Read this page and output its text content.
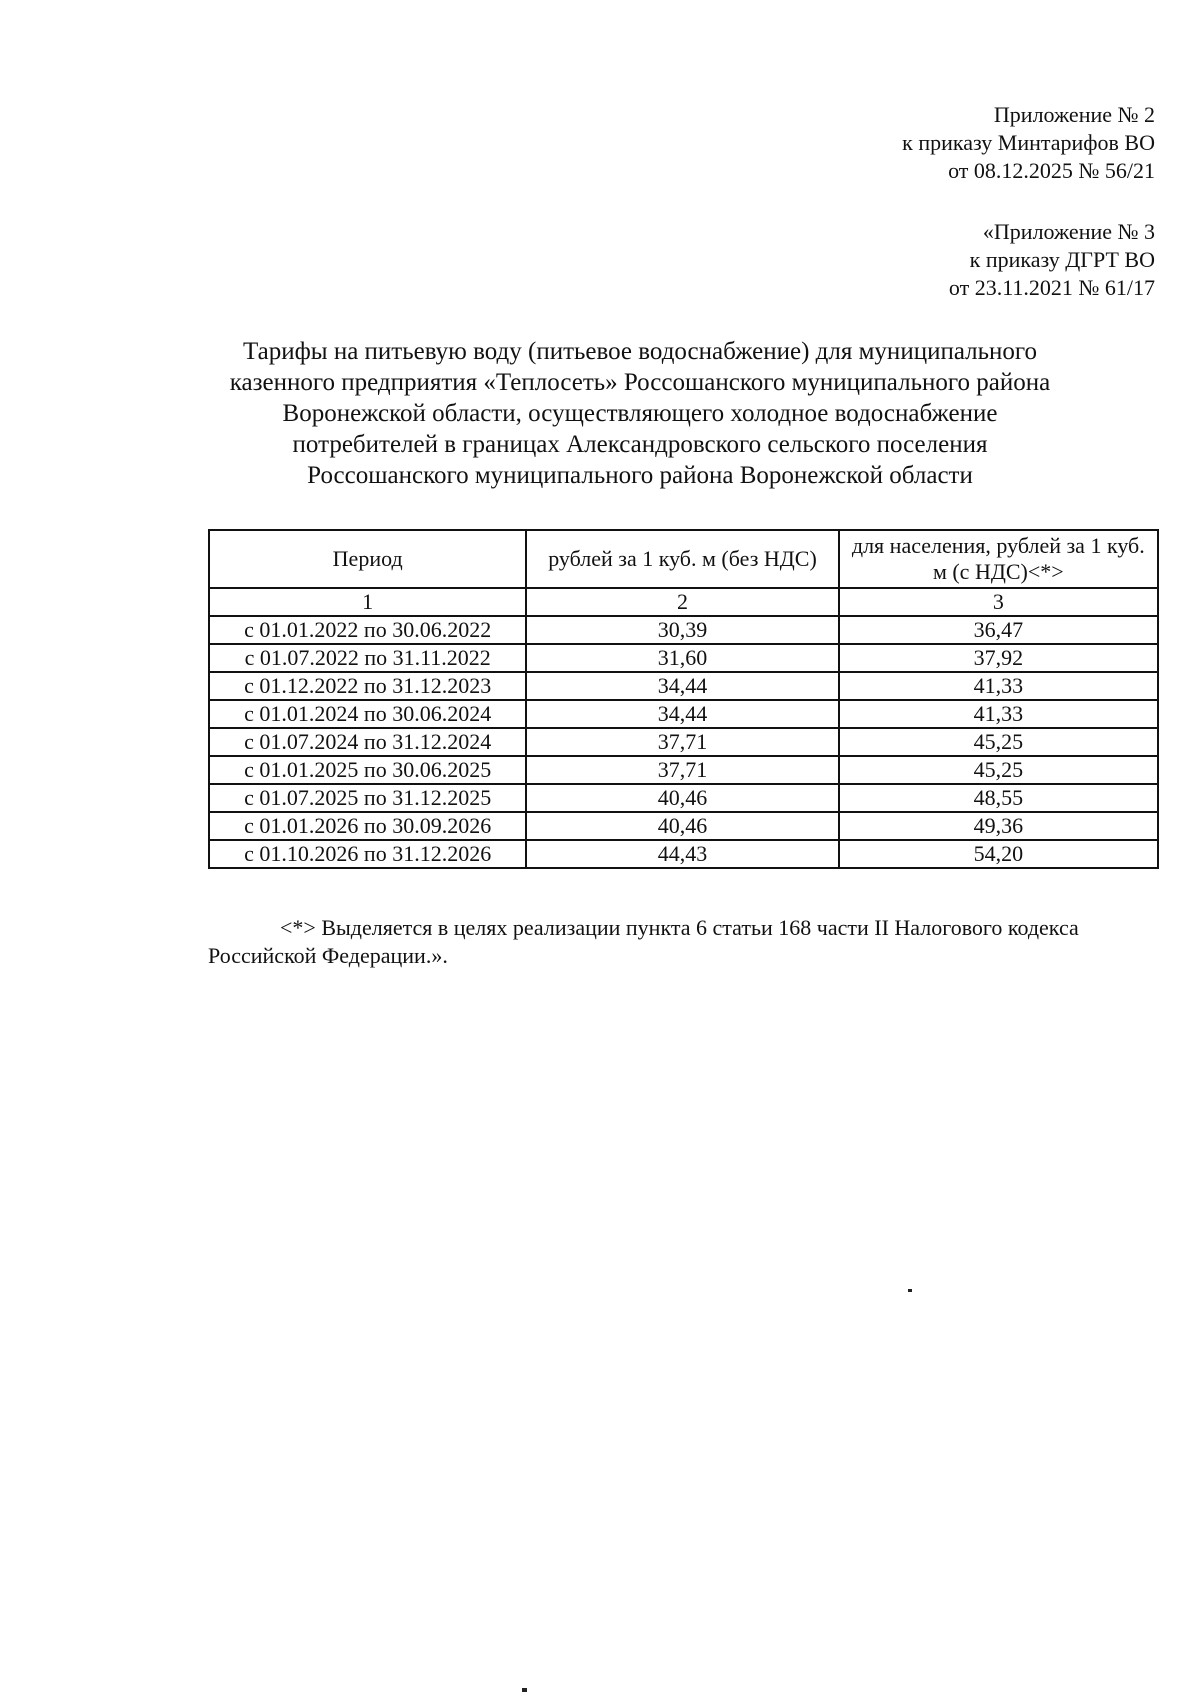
Приложение № 2
к приказу Минтарифов ВО
от 08.12.2025 № 56/21
«Приложение № 3
к приказу ДГРТ ВО
от 23.11.2021 № 61/17
Тарифы на питьевую воду (питьевое водоснабжение) для муниципального
казенного предприятия «Теплосеть» Россошанского муниципального района
Воронежской области, осуществляющего холодное водоснабжение
потребителей в границах Александровского сельского поселения
Россошанского муниципального района Воронежской области
Период	рублей за 1 куб. м (без НДС)	для населения, рублей за 1 куб. м (с НДС)<*>
1	2	3
с 01.01.2022 по 30.06.2022	30,39	36,47
с 01.07.2022 по 31.11.2022	31,60	37,92
с 01.12.2022 по 31.12.2023	34,44	41,33
с 01.01.2024 по 30.06.2024	34,44	41,33
с 01.07.2024 по 31.12.2024	37,71	45,25
с 01.01.2025 по 30.06.2025	37,71	45,25
с 01.07.2025 по 31.12.2025	40,46	48,55
с 01.01.2026 по 30.09.2026	40,46	49,36
с 01.10.2026 по 31.12.2026	44,43	54,20
<*> Выделяется в целях реализации пункта 6 статьи 168 части II Налогового кодекса Российской Федерации.».
